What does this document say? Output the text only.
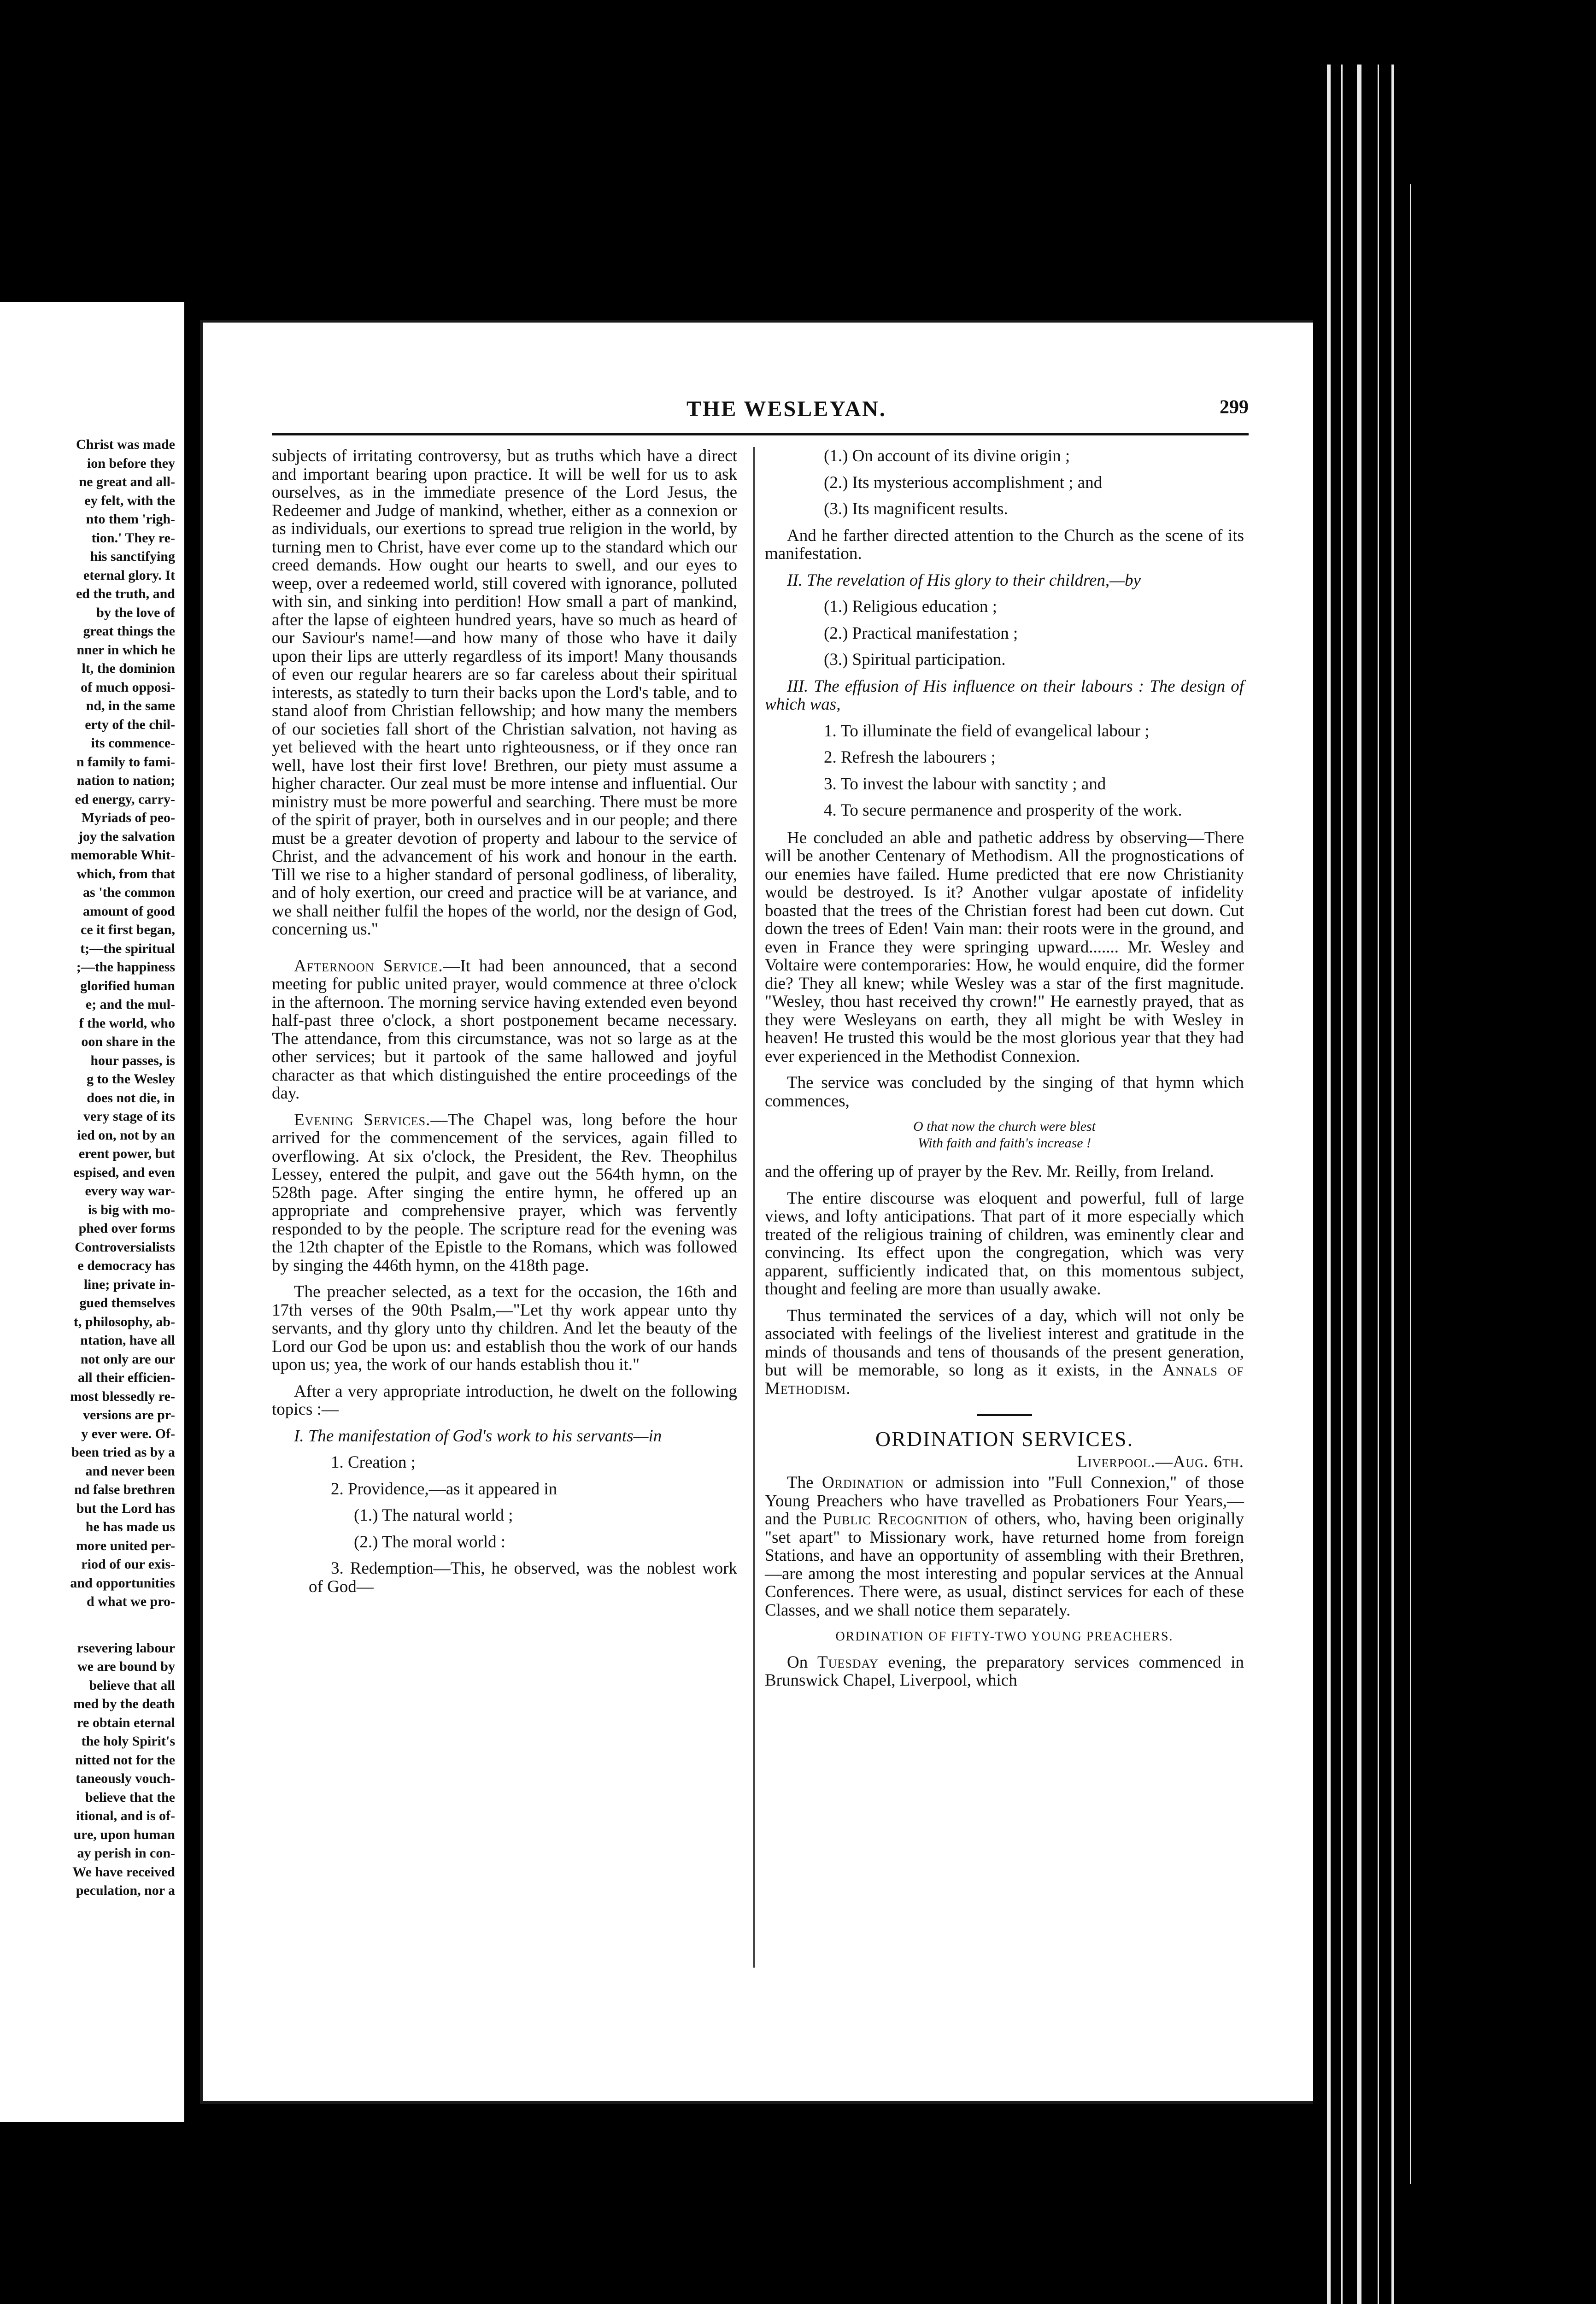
Christ was made
ion before they
ne great and all-
ey felt, with the
nto them 'righ-
tion.' They re-
his sanctifying
eternal glory. It
ed the truth, and
by the love of
great things the
nner in which he
lt, the dominion
of much opposi-
nd, in the same
erty of the chil-
its commence-
n family to fami-
nation to nation;
ed energy, carry-
Myriads of peo-
joy the salvation
memorable Whit-
which, from that
as 'the common
amount of good
ce it first began,
t;—the spiritual
;—the happiness
glorified human
e; and the mul-
f the world, who
oon share in the
hour passes, is
g to the Wesley
does not die, in
very stage of its
ied on, not by an
erent power, but
espised, and even
every way war-
is big with mo-
phed over forms
Controversialists
e democracy has
line; private in-
gued themselves
t, philosophy, ab-
ntation, have all
not only are our
all their efficien-
most blessedly re-
versions are pr-
y ever were. Of-
been tried as by a
and never been
nd false brethren
but the Lord has
he has made us
more united per-
riod of our exis-
and opportunities
d what we pro-
rsevering labour
we are bound by
believe that all
med by the death
re obtain eternal
the holy Spirit's
nitted not for the
taneously vouch-
believe that the
itional, and is of-
ure, upon human
ay perish in con-
We have received
peculation, nor a
THE WESLEYAN.	299

subjects of irritating controversy, but as truths which have a direct and important bearing upon practice. It will be well for us to ask ourselves, as in the immediate presence of the Lord Jesus, the Redeemer and Judge of mankind, whether, either as a connexion or as individuals, our exertions to spread true religion in the world, by turning men to Christ, have ever come up to the standard which our creed demands. How ought our hearts to swell, and our eyes to weep, over a redeemed world, still covered with ignorance, polluted with sin, and sinking into perdition! How small a part of mankind, after the lapse of eighteen hundred years, have so much as heard of our Saviour's name!—and how many of those who have it daily upon their lips are utterly regardless of its import! Many thousands of even our regular hearers are so far careless about their spiritual interests, as statedly to turn their backs upon the Lord's table, and to stand aloof from Christian fellowship; and how many the members of our societies fall short of the Christian salvation, not having as yet believed with the heart unto righteousness, or if they once ran well, have lost their first love! Brethren, our piety must assume a higher character. Our zeal must be more intense and influential. Our ministry must be more powerful and searching. There must be more of the spirit of prayer, both in ourselves and in our people; and there must be a greater devotion of property and labour to the service of Christ, and the advancement of his work and honour in the earth. Till we rise to a higher standard of personal godliness, of liberality, and of holy exertion, our creed and practice will be at variance, and we shall neither fulfil the hopes of the world, nor the design of God, concerning us."

Afternoon Service.—It had been announced, that a second meeting for public united prayer, would commence at three o'clock in the afternoon. The morning service having extended even beyond half-past three o'clock, a short postponement became necessary. The attendance, from this circumstance, was not so large as at the other services; but it partook of the same hallowed and joyful character as that which distinguished the entire proceedings of the day.

Evening Services.—The Chapel was, long before the hour arrived for the commencement of the services, again filled to overflowing. At six o'clock, the President, the Rev. Theophilus Lessey, entered the pulpit, and gave out the 564th hymn, on the 528th page. After singing the entire hymn, he offered up an appropriate and comprehensive prayer, which was fervently responded to by the people. The scripture read for the evening was the 12th chapter of the Epistle to the Romans, which was followed by singing the 446th hymn, on the 418th page.

The preacher selected, as a text for the occasion, the 16th and 17th verses of the 90th Psalm,—"Let thy work appear unto thy servants, and thy glory unto thy children. And let the beauty of the Lord our God be upon us: and establish thou the work of our hands upon us; yea, the work of our hands establish thou it."

After a very appropriate introduction, he dwelt on the following topics :—

I. The manifestation of God's work to his servants—in

1. Creation ;

2. Providence,—as it appeared in

(1.) The natural world ;

(2.) The moral world :

3. Redemption—This, he observed, was the noblest work of God—

(1.) On account of its divine origin ;

(2.) Its mysterious accomplishment ; and

(3.) Its magnificent results.

And he farther directed attention to the Church as the scene of its manifestation.

II. The revelation of His glory to their children,—by

(1.) Religious education ;

(2.) Practical manifestation ;

(3.) Spiritual participation.

III. The effusion of His influence on their labours : The design of which was,

1. To illuminate the field of evangelical labour ;

2. Refresh the labourers ;

3. To invest the labour with sanctity ; and

4. To secure permanence and prosperity of the work.

He concluded an able and pathetic address by observing—There will be another Centenary of Methodism. All the prognostications of our enemies have failed. Hume predicted that ere now Christianity would be destroyed. Is it? Another vulgar apostate of infidelity boasted that the trees of the Christian forest had been cut down. Cut down the trees of Eden! Vain man: their roots were in the ground, and even in France they were springing upward....... Mr. Wesley and Voltaire were contemporaries: How, he would enquire, did the former die? They all knew; while Wesley was a star of the first magnitude. "Wesley, thou hast received thy crown!" He earnestly prayed, that as they were Wesleyans on earth, they all might be with Wesley in heaven! He trusted this would be the most glorious year that they had ever experienced in the Methodist Connexion.

The service was concluded by the singing of that hymn which commences,

O that now the church were blest
With faith and faith's increase !

and the offering up of prayer by the Rev. Mr. Reilly, from Ireland.

The entire discourse was eloquent and powerful, full of large views, and lofty anticipations. That part of it more especially which treated of the religious training of children, was eminently clear and convincing. Its effect upon the congregation, which was very apparent, sufficiently indicated that, on this momentous subject, thought and feeling are more than usually awake.

Thus terminated the services of a day, which will not only be associated with feelings of the liveliest interest and gratitude in the minds of thousands and tens of thousands of the present generation, but will be memorable, so long as it exists, in the Annals of Methodism.

ORDINATION SERVICES.
Liverpool.—Aug. 6th.

The Ordination or admission into "Full Connexion," of those Young Preachers who have travelled as Probationers Four Years,—and the Public Recognition of others, who, having been originally "set apart" to Missionary work, have returned home from foreign Stations, and have an opportunity of assembling with their Brethren,—are among the most interesting and popular services at the Annual Conferences. There were, as usual, distinct services for each of these Classes, and we shall notice them separately.

ORDINATION OF FIFTY-TWO YOUNG PREACHERS.

On Tuesday evening, the preparatory services commenced in Brunswick Chapel, Liverpool, which
